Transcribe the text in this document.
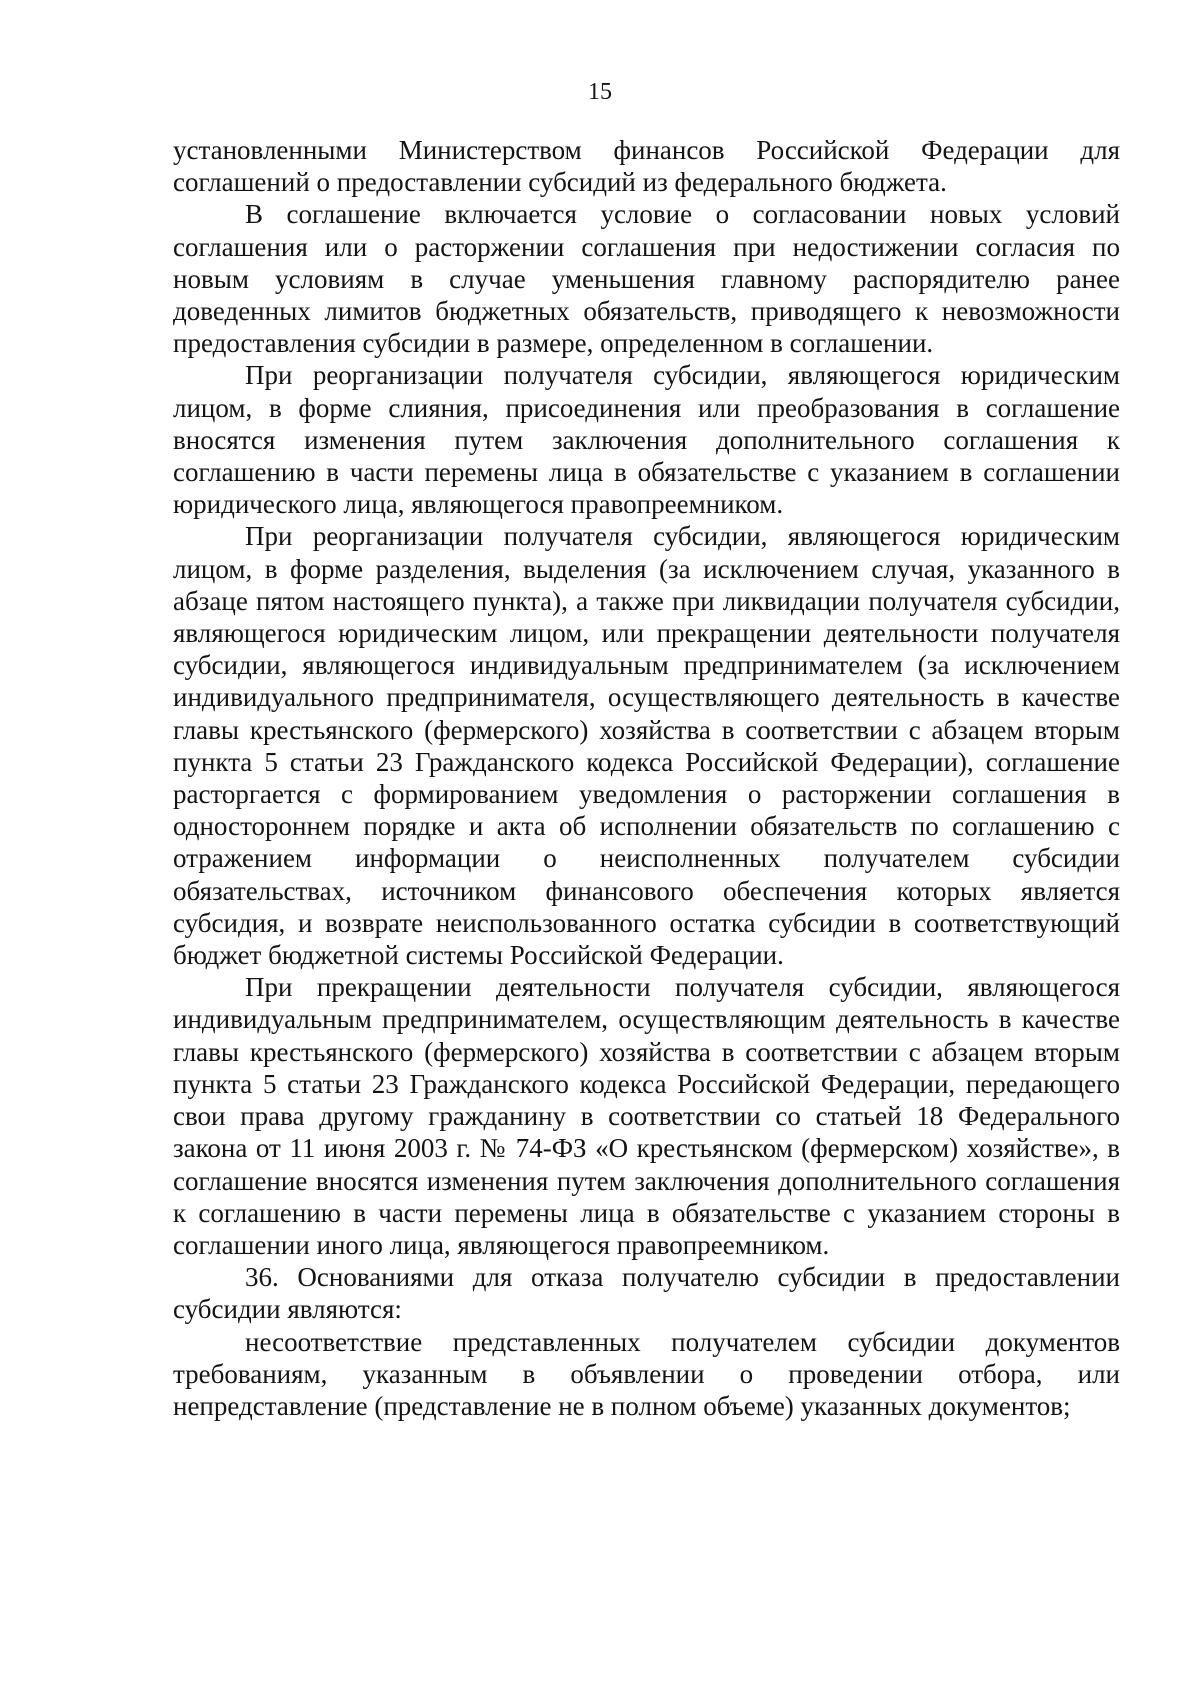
15

установленными Министерством финансов Российской Федерации для соглашений о предоставлении субсидий из федерального бюджета.

В соглашение включается условие о согласовании новых условий соглашения или о расторжении соглашения при недостижении согласия по новым условиям в случае уменьшения главному распорядителю ранее доведенных лимитов бюджетных обязательств, приводящего к невозможности предоставления субсидии в размере, определенном в соглашении.

При реорганизации получателя субсидии, являющегося юридическим лицом, в форме слияния, присоединения или преобразования в соглашение вносятся изменения путем заключения дополнительного соглашения к соглашению в части перемены лица в обязательстве с указанием в соглашении юридического лица, являющегося правопреемником.

При реорганизации получателя субсидии, являющегося юридическим лицом, в форме разделения, выделения (за исключением случая, указанного в абзаце пятом настоящего пункта), а также при ликвидации получателя субсидии, являющегося юридическим лицом, или прекращении деятельности получателя субсидии, являющегося индивидуальным предпринимателем (за исключением индивидуального предпринимателя, осуществляющего деятельность в качестве главы крестьянского (фермерского) хозяйства в соответствии с абзацем вторым пункта 5 статьи 23 Гражданского кодекса Российской Федерации), соглашение расторгается с формированием уведомления о расторжении соглашения в одностороннем порядке и акта об исполнении обязательств по соглашению с отражением информации о неисполненных получателем субсидии обязательствах, источником финансового обеспечения которых является субсидия, и возврате неиспользованного остатка субсидии в соответствующий бюджет бюджетной системы Российской Федерации.

При прекращении деятельности получателя субсидии, являющегося индивидуальным предпринимателем, осуществляющим деятельность в качестве главы крестьянского (фермерского) хозяйства в соответствии с абзацем вторым пункта 5 статьи 23 Гражданского кодекса Российской Федерации, передающего свои права другому гражданину в соответствии со статьей 18 Федерального закона от 11 июня 2003 г. № 74-ФЗ «О крестьянском (фермерском) хозяйстве», в соглашение вносятся изменения путем заключения дополнительного соглашения к соглашению в части перемены лица в обязательстве с указанием стороны в соглашении иного лица, являющегося правопреемником.

36. Основаниями для отказа получателю субсидии в предоставлении субсидии являются:

несоответствие представленных получателем субсидии документов требованиям, указанным в объявлении о проведении отбора, или непредставление (представление не в полном объеме) указанных документов;
